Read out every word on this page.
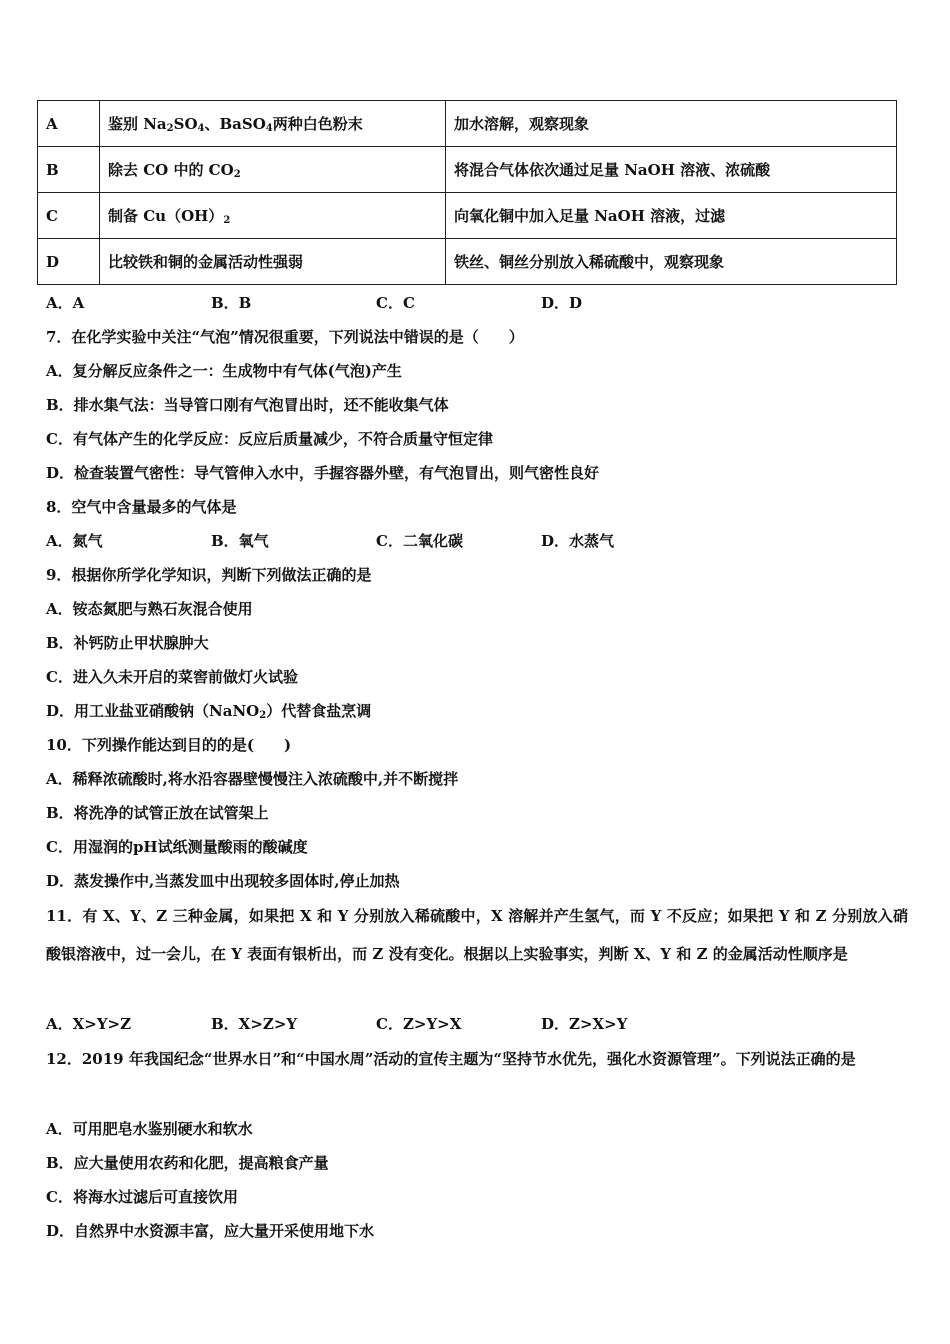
A	鉴别 $Na_2SO_4$、BaSO$_4$两种白色粉末	加水溶解，观察现象
B	除去 CO 中的 $CO_2$	将混合气体依次通过足量 NaOH 溶液、浓硫酸
C	制备 $Cu(OH)_2$	向氧化铜中加入足量 NaOH 溶液，过滤
D	比较铁和铜的金属活动性强弱	铁丝、铜丝分别放入稀硫酸中，观察现象
A．A	B．B	C．C	D．D
7．在化学实验中关注“气泡”情况很重要，下列说法中错误的是（　　）
A．复分解反应条件之一：生成物中有气体(气泡)产生
B．排水集气法：当导管口刚有气泡冒出时，还不能收集气体
C．有气体产生的化学反应：反应后质量减少，不符合质量守恒定律
D．检查装置气密性：导气管伸入水中，手握容器外壁，有气泡冒出，则气密性良好
8．空气中含量最多的气体是
A．氮气	B．氧气	C．二氧化碳	D．水蒸气
9．根据你所学化学知识，判断下列做法正确的是
A．铵态氮肥与熟石灰混合使用
B．补钙防止甲状腺肿大
C．进入久未开启的菜窖前做灯火试验
D．用工业盐亚硝酸钠（NaNO$_2$）代替食盐烹调
10．下列操作能达到目的的是(　　)
A．稀释浓硫酸时,将水沿容器壁慢慢注入浓硫酸中,并不断搅拌
B．将洗净的试管正放在试管架上
C．用湿润的pH试纸测量酸雨的酸碱度
D．蒸发操作中,当蒸发皿中出现较多固体时,停止加热
11．有 X、Y、Z 三种金属，如果把 X 和 Y 分别放入稀硫酸中，X 溶解并产生氢气，而 Y 不反应；如果把 Y 和 Z 分别放入硝酸银溶液中，过一会儿，在 Y 表面有银析出，而 Z 没有变化。根据以上实验事实，判断 X、Y 和 Z 的金属活动性顺序是
A．X>Y>Z	B．X>Z>Y	C．Z>Y>X	D．Z>X>Y
12．2019 年我国纪念“世界水日”和“中国水周”活动的宣传主题为“坚持节水优先，强化水资源管理”。下列说法正确的是
A．可用肥皂水鉴别硬水和软水
B．应大量使用农药和化肥，提高粮食产量
C．将海水过滤后可直接饮用
D．自然界中水资源丰富，应大量开采使用地下水
